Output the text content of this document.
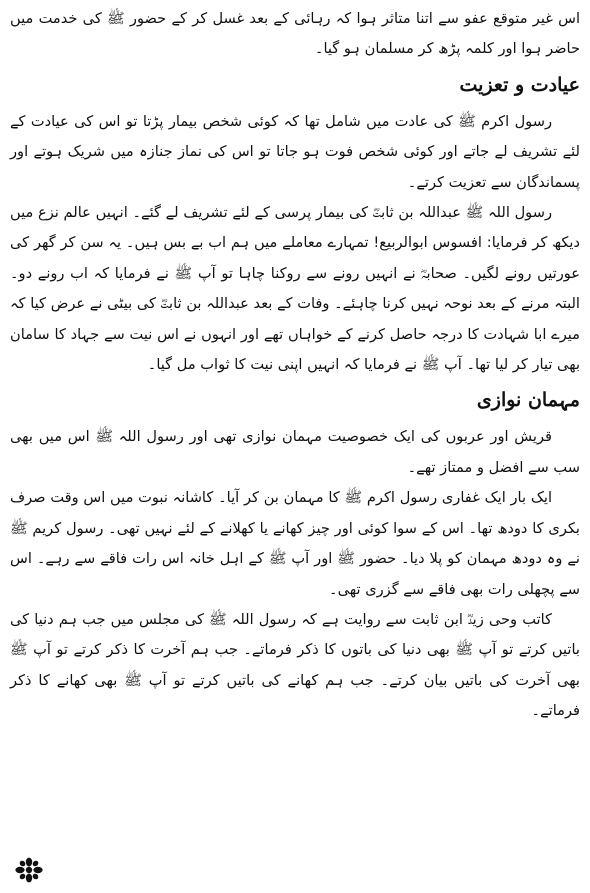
اس غیر متوقع عفو سے اتنا متاثر ہوا کہ رہائی کے بعد غسل کر کے حضور ﷺ کی خدمت میں حاضر ہوا اور کلمہ پڑھ کر مسلمان ہو گیا۔

عیادت و تعزیت

رسول اکرم ﷺ کی عادت میں شامل تھا کہ کوئی شخص بیمار پڑتا تو اس کی عیادت کے لئے تشریف لے جاتے اور کوئی شخص فوت ہو جاتا تو اس کی نماز جنازہ میں شریک ہوتے اور پسماندگان سے تعزیت کرتے۔

رسول اللہ ﷺ عبداللہ بن ثابتؓ کی بیمار پرسی کے لئے تشریف لے گئے۔ انہیں عالم نزع میں دیکھ کر فرمایا: افسوس ابوالربیع! تمہارے معاملے میں ہم اب بے بس ہیں۔ یہ سن کر گھر کی عورتیں رونے لگیں۔ صحابہؓ نے انہیں رونے سے روکنا چاہا تو آپ ﷺ نے فرمایا کہ اب رونے دو۔ البتہ مرنے کے بعد نوحہ نہیں کرنا چاہئے۔ وفات کے بعد عبداللہ بن ثابتؓ کی بیٹی نے عرض کیا کہ میرے ابا شہادت کا درجہ حاصل کرنے کے خواہاں تھے اور انہوں نے اس نیت سے جہاد کا سامان بھی تیار کر لیا تھا۔ آپ ﷺ نے فرمایا کہ انہیں اپنی نیت کا ثواب مل گیا۔

مہمان نوازی

قریش اور عربوں کی ایک خصوصیت مہمان نوازی تھی اور رسول اللہ ﷺ اس میں بھی سب سے افضل و ممتاز تھے۔

ایک بار ایک غفاری رسول اکرم ﷺ کا مہمان بن کر آیا۔ کاشانہ نبوت میں اس وقت صرف بکری کا دودھ تھا۔ اس کے سوا کوئی اور چیز کھانے یا کھلانے کے لئے نہیں تھی۔ رسول کریم ﷺ نے وہ دودھ مہمان کو پلا دیا۔ حضور ﷺ اور آپ ﷺ کے اہل خانہ اس رات فاقے سے رہے۔ اس سے پچھلی رات بھی فاقے سے گزری تھی۔

کاتب وحی زیدؓ ابن ثابت سے روایت ہے کہ رسول اللہ ﷺ کی مجلس میں جب ہم دنیا کی باتیں کرتے تو آپ ﷺ بھی دنیا کی باتوں کا ذکر فرماتے۔ جب ہم آخرت کا ذکر کرتے تو آپ ﷺ بھی آخرت کی باتیں بیان کرتے۔ جب ہم کھانے کی باتیں کرتے تو آپ ﷺ بھی کھانے کا ذکر فرماتے۔
